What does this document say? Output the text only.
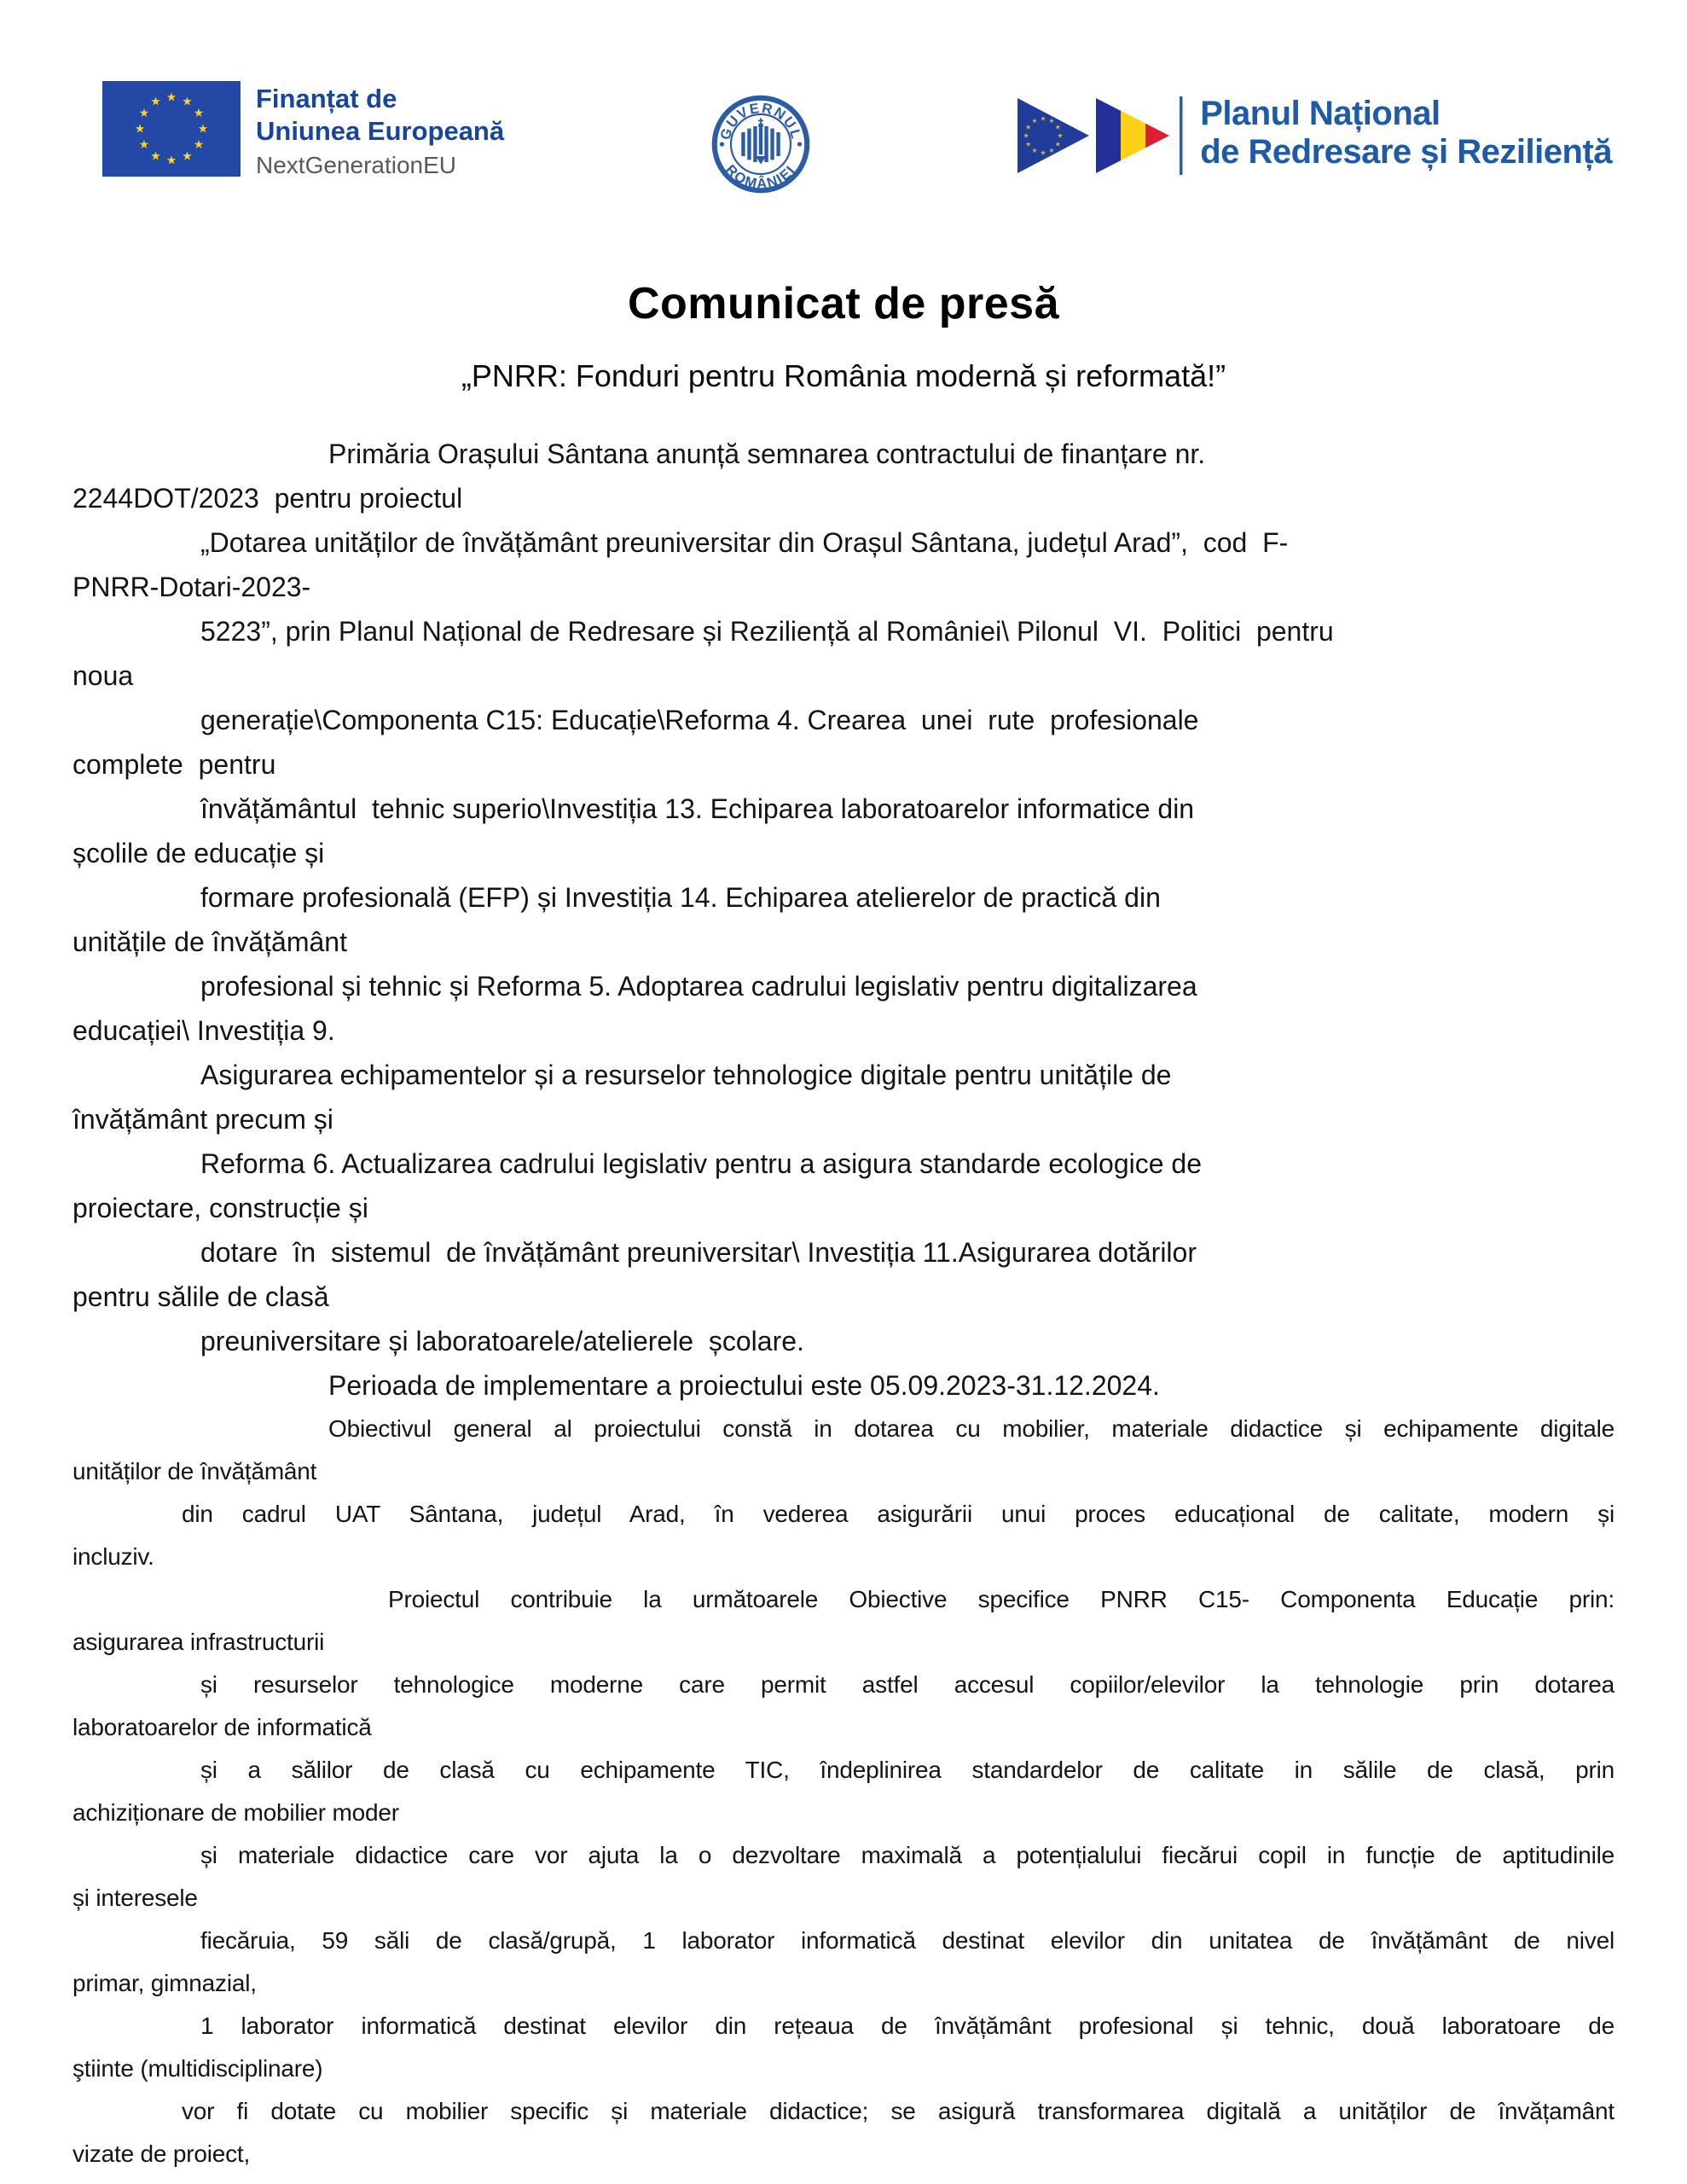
Finanțat de
Uniunea Europeană
NextGenerationEU
GUVERNUL
ROMÂNIEI
Planul Național
de Redresare și Reziliență
Comunicat de presă
„PNRR: Fonduri pentru România modernă și reformată!”
Primăria Orașului Sântana anunță semnarea contractului de finanțare nr.
2244DOT/2023  pentru proiectul
„Dotarea unităților de învățământ preuniversitar din Orașul Sântana, județul Arad”,  cod  F-
PNRR-Dotari-2023-
5223”, prin Planul Național de Redresare și Reziliență al României\ Pilonul  VI.  Politici  pentru
noua
generație\Componenta C15: Educație\Reforma 4. Crearea  unei  rute  profesionale
complete  pentru
învățământul  tehnic superio\Investiția 13. Echiparea laboratoarelor informatice din
școlile de educație și
formare profesională (EFP) și Investiția 14. Echiparea atelierelor de practică din
unitățile de învățământ
profesional și tehnic și Reforma 5. Adoptarea cadrului legislativ pentru digitalizarea
educației\ Investiția 9.
Asigurarea echipamentelor și a resurselor tehnologice digitale pentru unitățile de
învățământ precum și
Reforma 6. Actualizarea cadrului legislativ pentru a asigura standarde ecologice de
proiectare, construcție și
dotare  în  sistemul  de învățământ preuniversitar\ Investiția 11.Asigurarea dotărilor
pentru sălile de clasă
preuniversitare și laboratoarele/atelierele  școlare.
Perioada de implementare a proiectului este 05.09.2023-31.12.2024.
Obiectivul general al proiectului constă in dotarea cu mobilier, materiale didactice și echipamente digitale
unităților de învățământ
din cadrul UAT Sântana, județul Arad, în vederea asigurării unui proces educațional de calitate, modern și
incluziv.
Proiectul contribuie la următoarele Obiective specifice PNRR C15- Componenta Educație prin:
asigurarea infrastructurii
și resurselor tehnologice moderne care permit astfel accesul copiilor/elevilor la tehnologie prin dotarea
laboratoarelor de informatică
și a sălilor de clasă cu echipamente TIC, îndeplinirea standardelor de calitate in sălile de clasă, prin
achiziționare de mobilier moder
și materiale didactice care vor ajuta la o dezvoltare maximală a potențialului fiecărui copil in funcție de aptitudinile
și interesele
fiecăruia, 59 săli de clasă/grupă, 1 laborator informatică destinat elevilor din unitatea de învățământ de nivel
primar, gimnazial,
1 laborator informatică destinat elevilor din rețeaua de învățământ profesional și tehnic, două laboratoare de
ştiinte (multidisciplinare)
vor fi dotate cu mobilier specific și materiale didactice; se asigură transformarea digitală a unităților de învățamânt
vizate de proiect,
